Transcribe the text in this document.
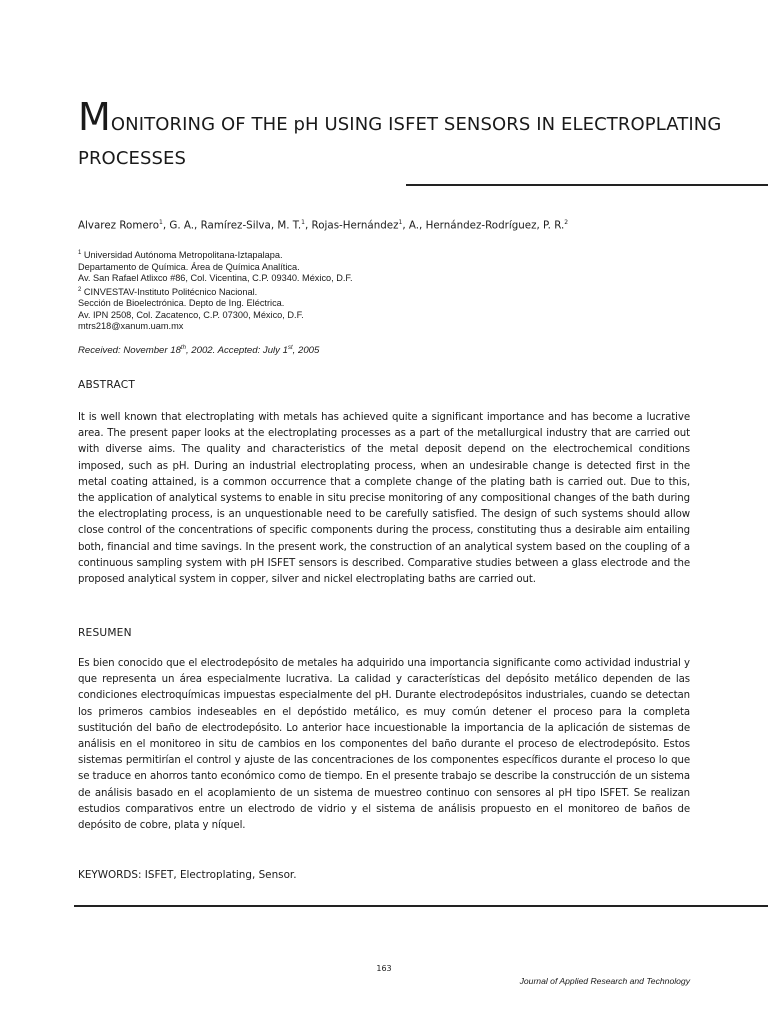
MONITORING OF THE pH USING ISFET SENSORS IN ELECTROPLATING
PROCESSES
Alvarez Romero$^1$, G. A., Ramírez-Silva, M. T.$^1$, Rojas-Hernández$^1$, A., Hernández-Rodríguez, P. R.$^2$
$^1$ Universidad Autónoma Metropolitana-Iztapalapa.
Departamento de Química. Área de Química Analítica.
Av. San Rafael Atlixco #86, Col. Vicentina, C.P. 09340. México, D.F.
$^2$ CINVESTAV-Instituto Politécnico Nacional.
Sección de Bioelectrónica. Depto de Ing. Eléctrica.
Av. IPN 2508, Col. Zacatenco, C.P. 07300, México, D.F.
mtrs218@xanum.uam.mx
Received: November 18th, 2002. Accepted: July 1st, 2005
ABSTRACT
It is well known that electroplating with metals has achieved quite a significant importance and has become a lucrative area. The present paper looks at the electroplating processes as a part of the metallurgical industry that are carried out with diverse aims. The quality and characteristics of the metal deposit depend on the electrochemical conditions imposed, such as pH. During an industrial electroplating process, when an undesirable change is detected first in the metal coating attained, is a common occurrence that a complete change of the plating bath is carried out. Due to this, the application of analytical systems to enable in situ precise monitoring of any compositional changes of the bath during the electroplating process, is an unquestionable need to be carefully satisfied. The design of such systems should allow close control of the concentrations of specific components during the process, constituting thus a desirable aim entailing both, financial and time savings. In the present work, the construction of an analytical system based on the coupling of a continuous sampling system with pH ISFET sensors is described. Comparative studies between a glass electrode and the proposed analytical system in copper, silver and nickel electroplating baths are carried out.
RESUMEN
Es bien conocido que el electrodepósito de metales ha adquirido una importancia significante como actividad industrial y que representa un área especialmente lucrativa. La calidad y características del depósito metálico dependen de las condiciones electroquímicas impuestas especialmente del pH. Durante electrodepósitos industriales, cuando se detectan los primeros cambios indeseables en el depóstido metálico, es muy común detener el proceso para la completa sustitución del baño de electrodepósito. Lo anterior hace incuestionable la importancia de la aplicación de sistemas de análisis en el monitoreo in situ de cambios en los componentes del baño durante el proceso de electrodepósito. Estos sistemas permitirían el control y ajuste de las concentraciones de los componentes específicos durante el proceso lo que se traduce en ahorros tanto económico como de tiempo. En el presente trabajo se describe la construcción de un sistema de análisis basado en el acoplamiento de un sistema de muestreo continuo con sensores al pH tipo ISFET. Se realizan estudios comparativos entre un electrodo de vidrio y el sistema de análisis propuesto en el monitoreo de baños de depósito de cobre, plata y níquel.
KEYWORDS: ISFET, Electroplating, Sensor.
163
Journal of Applied Research and Technology
